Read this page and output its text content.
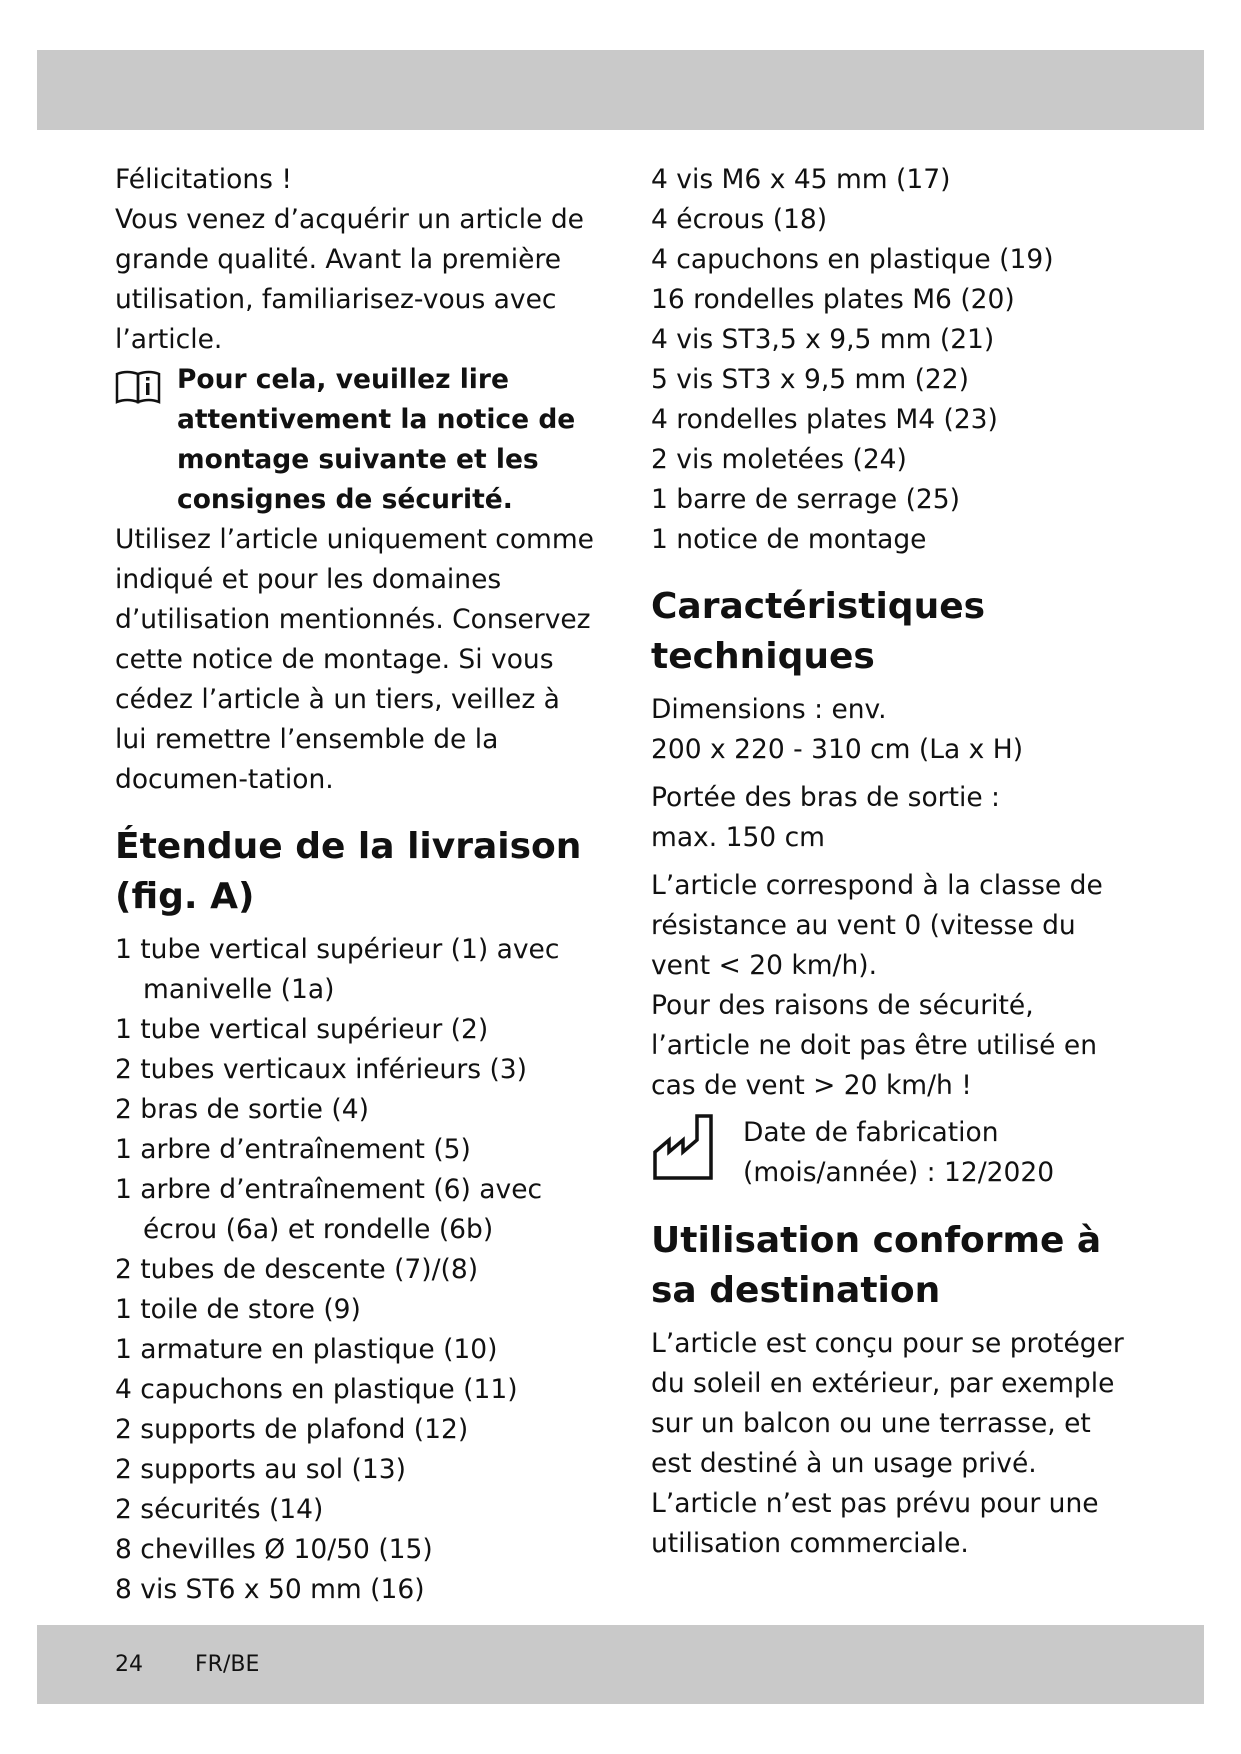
Félicitations !

Vous venez d’acquérir un article de grande qualité. Avant la première utilisation, familiarisez-vous avec l’article.

Pour cela, veuillez lire attentivement la notice de montage suivante et les consignes de sécurité.

Utilisez l’article uniquement comme indiqué et pour les domaines d’utilisation mentionnés. Conservez cette notice de montage. Si vous cédez l’article à un tiers, veillez à lui remettre l’ensemble de la documen-tation.

Étendue de la livraison (fig. A)
1 tube vertical supérieur (1) avec manivelle (1a)
1 tube vertical supérieur (2)
2 tubes verticaux inférieurs (3)
2 bras de sortie (4)
1 arbre d’entraînement (5)
1 arbre d’entraînement (6) avec écrou (6a) et rondelle (6b)
2 tubes de descente (7)/(8)
1 toile de store (9)
1 armature en plastique (10)
4 capuchons en plastique (11)
2 supports de plafond (12)
2 supports au sol (13)
2 sécurités (14)
8 chevilles Ø 10/50 (15)
8 vis ST6 x 50 mm (16)
4 vis M6 x 45 mm (17)
4 écrous (18)
4 capuchons en plastique (19)
16 rondelles plates M6 (20)
4 vis ST3,5 x 9,5 mm (21)
5 vis ST3 x 9,5 mm (22)
4 rondelles plates M4 (23)
2 vis moletées (24)
1 barre de serrage (25)
1 notice de montage
Caractéristiques techniques

Dimensions : env.

200 x 220 - 310 cm (La x H)

Portée des bras de sortie :

max. 150 cm

L’article correspond à la classe de résistance au vent 0 (vitesse du vent < 20 km/h).

Pour des raisons de sécurité, l’article ne doit pas être utilisé en cas de vent > 20 km/h !

Date de fabrication
(mois/année) : 12/2020
Utilisation conforme à sa destination

L’article est conçu pour se protéger du soleil en extérieur, par exemple sur un balcon ou une terrasse, et est destiné à un usage privé.

L’article n’est pas prévu pour une utilisation commerciale.

24 FR/BE
